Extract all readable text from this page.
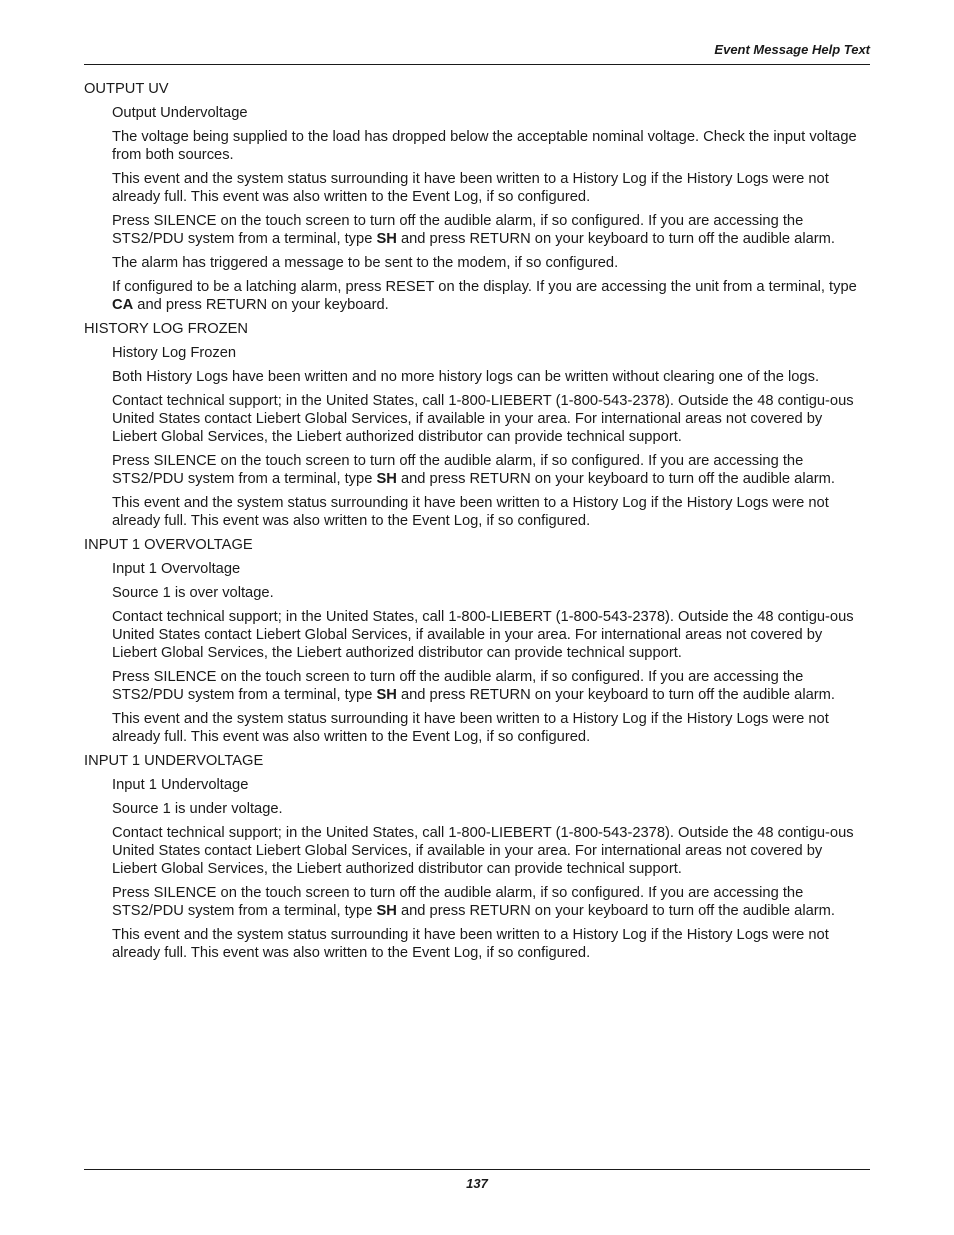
Event Message Help Text
OUTPUT UV

Output Undervoltage

The voltage being supplied to the load has dropped below the acceptable nominal voltage. Check the input voltage from both sources.

This event and the system status surrounding it have been written to a History Log if the History Logs were not already full. This event was also written to the Event Log, if so configured.

Press SILENCE on the touch screen to turn off the audible alarm, if so configured. If you are accessing the STS2/PDU system from a terminal, type SH and press RETURN on your keyboard to turn off the audible alarm.

The alarm has triggered a message to be sent to the modem, if so configured.

If configured to be a latching alarm, press RESET on the display. If you are accessing the unit from a terminal, type CA and press RETURN on your keyboard.

HISTORY LOG FROZEN

History Log Frozen

Both History Logs have been written and no more history logs can be written without clearing one of the logs.

Contact technical support; in the United States, call 1-800-LIEBERT (1-800-543-2378). Outside the 48 contigu-ous United States contact Liebert Global Services, if available in your area. For international areas not covered by Liebert Global Services, the Liebert authorized distributor can provide technical support.

Press SILENCE on the touch screen to turn off the audible alarm, if so configured. If you are accessing the STS2/PDU system from a terminal, type SH and press RETURN on your keyboard to turn off the audible alarm.

This event and the system status surrounding it have been written to a History Log if the History Logs were not already full. This event was also written to the Event Log, if so configured.

INPUT 1 OVERVOLTAGE

Input 1 Overvoltage

Source 1 is over voltage.

Contact technical support; in the United States, call 1-800-LIEBERT (1-800-543-2378). Outside the 48 contigu-ous United States contact Liebert Global Services, if available in your area. For international areas not covered by Liebert Global Services, the Liebert authorized distributor can provide technical support.

Press SILENCE on the touch screen to turn off the audible alarm, if so configured. If you are accessing the STS2/PDU system from a terminal, type SH and press RETURN on your keyboard to turn off the audible alarm.

This event and the system status surrounding it have been written to a History Log if the History Logs were not already full. This event was also written to the Event Log, if so configured.

INPUT 1 UNDERVOLTAGE

Input 1 Undervoltage

Source 1 is under voltage.

Contact technical support; in the United States, call 1-800-LIEBERT (1-800-543-2378). Outside the 48 contigu-ous United States contact Liebert Global Services, if available in your area. For international areas not covered by Liebert Global Services, the Liebert authorized distributor can provide technical support.

Press SILENCE on the touch screen to turn off the audible alarm, if so configured. If you are accessing the STS2/PDU system from a terminal, type SH and press RETURN on your keyboard to turn off the audible alarm.

This event and the system status surrounding it have been written to a History Log if the History Logs were not already full. This event was also written to the Event Log, if so configured.

137
